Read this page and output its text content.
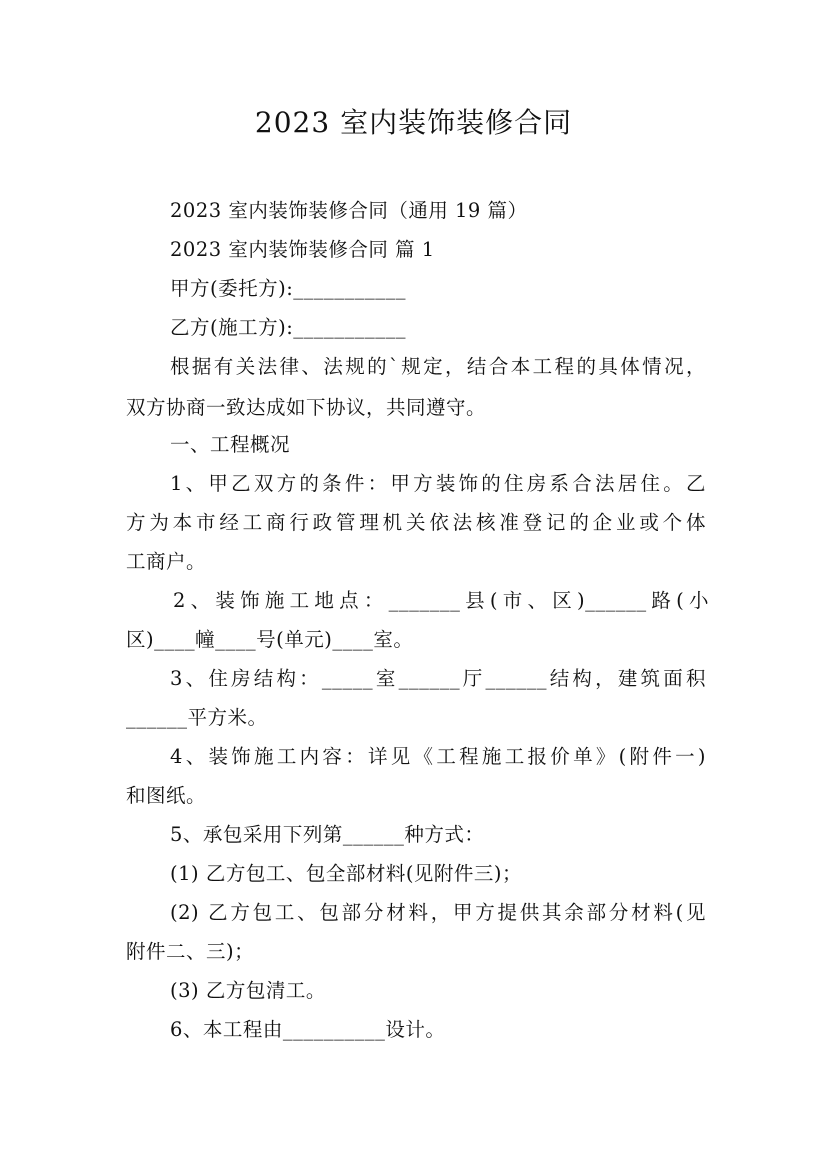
2023 室内装饰装修合同
2023 室内装饰装修合同（通用 19 篇）
2023 室内装饰装修合同 篇 1
甲方(委托方):___________
乙方(施工方):___________
根据有关法律、法规的`规定，结合本工程的具体情况，
双方协商一致达成如下协议，共同遵守。
一、工程概况
1、甲乙双方的条件：甲方装饰的住房系合法居住。乙
方为本市经工商行政管理机关依法核准登记的企业或个体
工商户。
2、装饰施工地点：_______县(市、区)______路(小
区)____幢____号(单元)____室。
3、住房结构：_____室______厅______结构，建筑面积
______平方米。
4、装饰施工内容：详见《工程施工报价单》(附件一)
和图纸。
5、承包采用下列第______种方式：
(1) 乙方包工、包全部材料(见附件三)；
(2) 乙方包工、包部分材料，甲方提供其余部分材料(见
附件二、三)；
(3) 乙方包清工。
6、本工程由__________设计。
